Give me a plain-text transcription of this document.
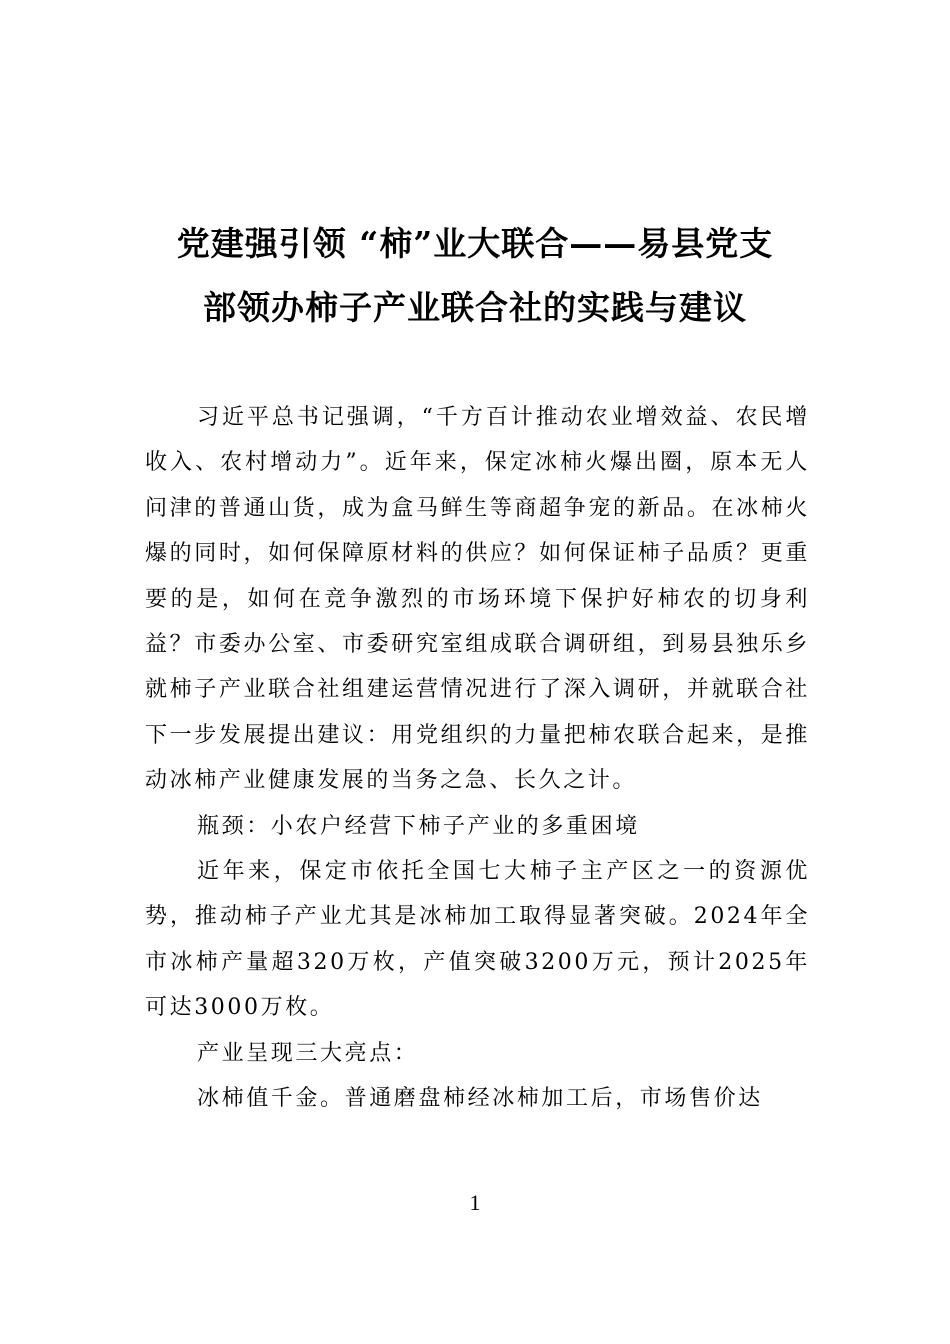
党建强引领 “柿”业大联合——易县党支
部领办柿子产业联合社的实践与建议

习近平总书记强调，“千方百计推动农业增效益、农民增收入、农村增动力”。近年来，保定冰柿火爆出圈，原本无人问津的普通山货，成为盒马鲜生等商超争宠的新品。在冰柿火爆的同时，如何保障原材料的供应？如何保证柿子品质？更重要的是，如何在竞争激烈的市场环境下保护好柿农的切身利益？市委办公室、市委研究室组成联合调研组，到易县独乐乡就柿子产业联合社组建运营情况进行了深入调研，并就联合社下一步发展提出建议：用党组织的力量把柿农联合起来，是推动冰柿产业健康发展的当务之急、长久之计。

瓶颈：小农户经营下柿子产业的多重困境

近年来，保定市依托全国七大柿子主产区之一的资源优势，推动柿子产业尤其是冰柿加工取得显著突破。2024年全市冰柿产量超320万枚，产值突破3200万元，预计2025年可达3000万枚。

产业呈现三大亮点：

冰柿值千金。普通磨盘柿经冰柿加工后，市场售价达

1
